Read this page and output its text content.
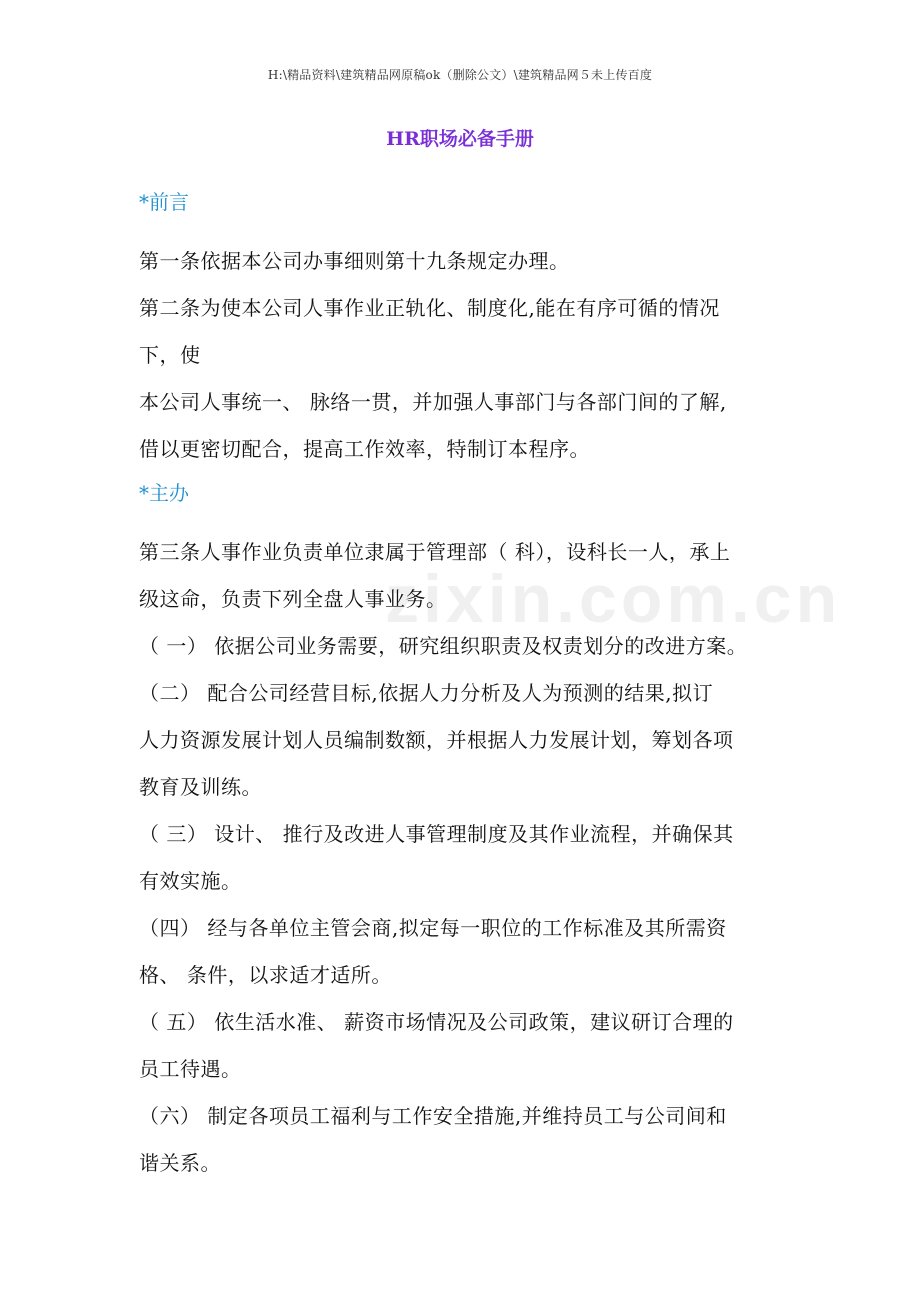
H:\精品资料\建筑精品网原稿ok（删除公文）\建筑精品网５未上传百度
HR职场必备手册
zixin.com.cn
*前言

第一条依据本公司办事细则第十九条规定办理。

第二条为使本公司人事作业正轨化、制度化,能在有序可循的情况
下，使

本公司人事统一、 脉络一贯，并加强人事部门与各部门间的了解,
借以更密切配合，提高工作效率，特制订本程序。

*主办

第三条人事作业负责单位隶属于管理部（ 科），设科长一人，承上
级这命，负责下列全盘人事业务。

（ 一） 依据公司业务需要，研究组织职责及权责划分的改进方案。

（二） 配合公司经营目标,依据人力分析及人为预测的结果,拟订
人力资源发展计划人员编制数额，并根据人力发展计划，筹划各项
教育及训练。

（ 三） 设计、 推行及改进人事管理制度及其作业流程，并确保其
有效实施。

（四） 经与各单位主管会商,拟定每一职位的工作标准及其所需资
格、 条件，以求适才适所。

（ 五） 依生活水准、 薪资市场情况及公司政策，建议研订合理的
员工待遇。

（六） 制定各项员工福利与工作安全措施,并维持员工与公司间和
谐关系。
